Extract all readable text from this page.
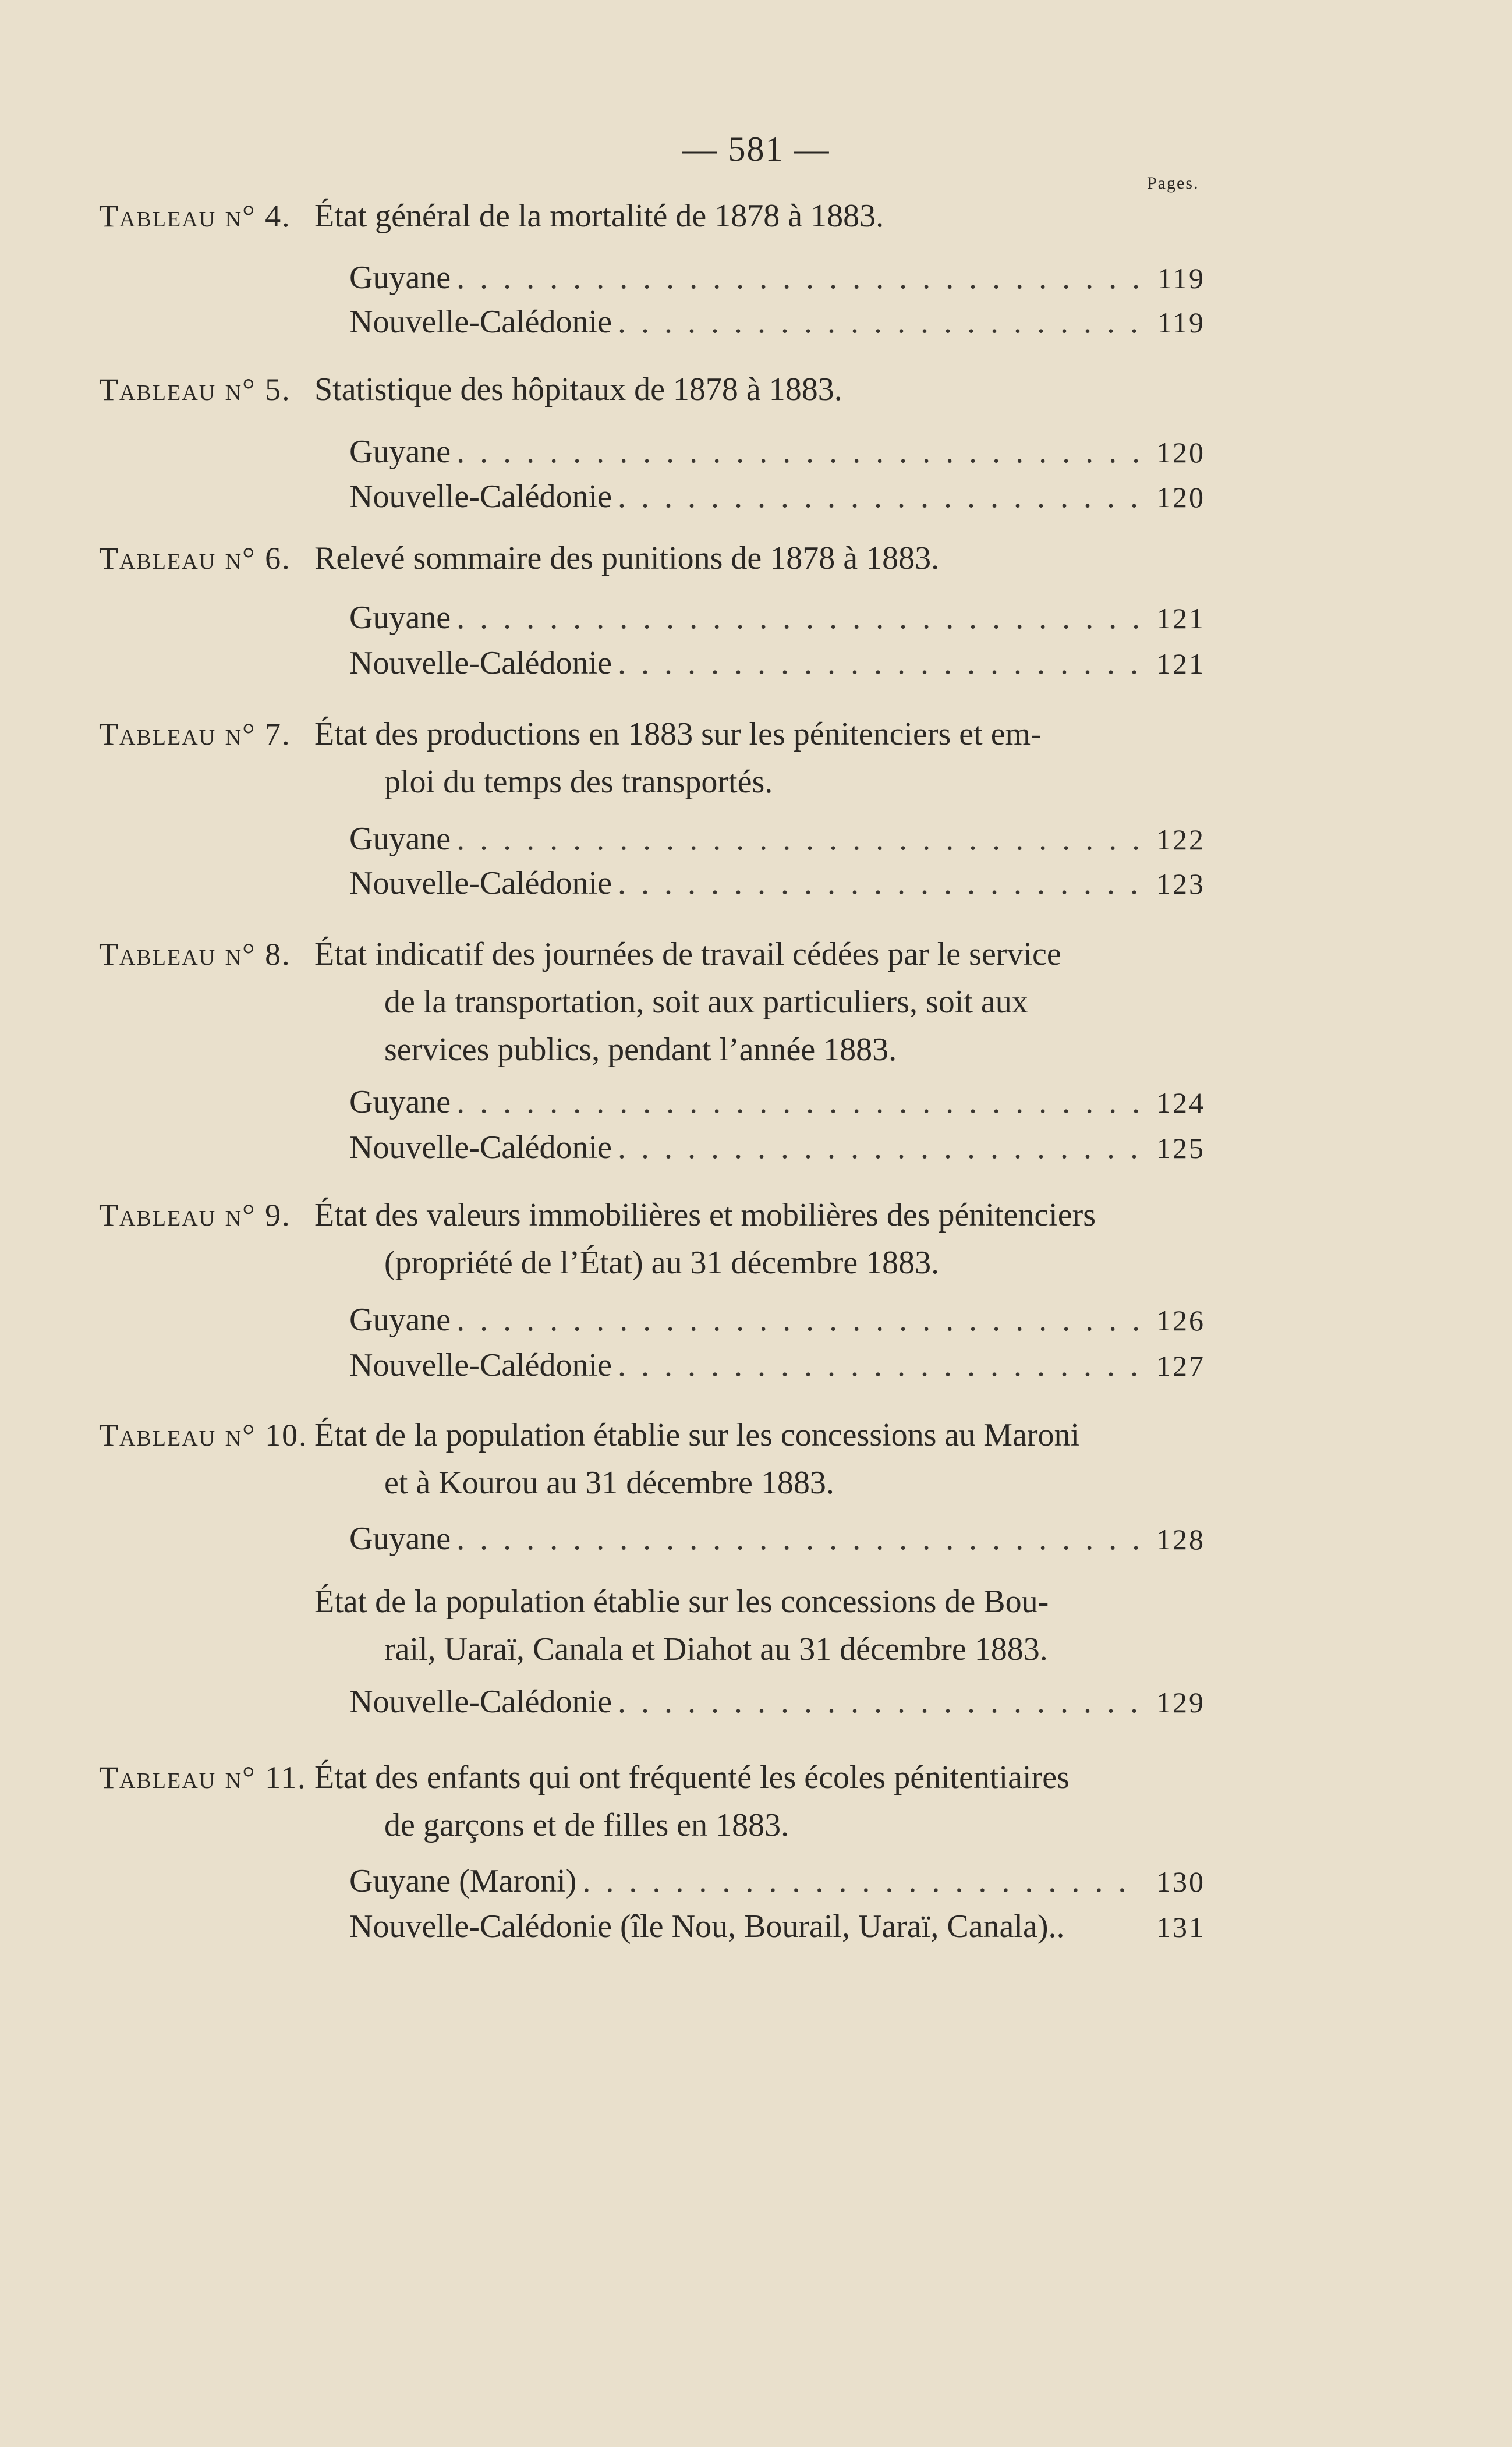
— 581 —
Pages.
Tableau n° 4. État général de la mortalité de 1878 à 1883.
Guyane . . .	119
Nouvelle-Calédonie . . .	119
Tableau n° 5. Statistique des hôpitaux de 1878 à 1883.
Guyane . . .	120
Nouvelle-Calédonie . . .	120
Tableau n° 6. Relevé sommaire des punitions de 1878 à 1883.
Guyane . . .	121
Nouvelle-Calédonie . . .	121
Tableau n° 7. État des productions en 1883 sur les pénitenciers et em-
ploi du temps des transportés.
Guyane . . .	122
Nouvelle-Calédonie . . .	123
Tableau n° 8. État indicatif des journées de travail cédées par le service
de la transportation, soit aux particuliers, soit aux
services publics, pendant l’année 1883.
Guyane . . .	124
Nouvelle-Calédonie . . .	125
Tableau n° 9. État des valeurs immobilières et mobilières des pénitenciers
(propriété de l’État) au 31 décembre 1883.
Guyane . . .	126
Nouvelle-Calédonie . . .	127
Tableau n° 10. État de la population établie sur les concessions au Maroni
et à Kourou au 31 décembre 1883.
Guyane . . .	128
État de la population établie sur les concessions de Bou-
rail, Uaraï, Canala et Diahot au 31 décembre 1883.
Nouvelle-Calédonie . . .	129
Tableau n° 11. État des enfants qui ont fréquenté les écoles pénitentiaires
de garçons et de filles en 1883.
Guyane (Maroni) . . .	130
Nouvelle-Calédonie (île Nou, Bourail, Uaraï, Canala)..	131
